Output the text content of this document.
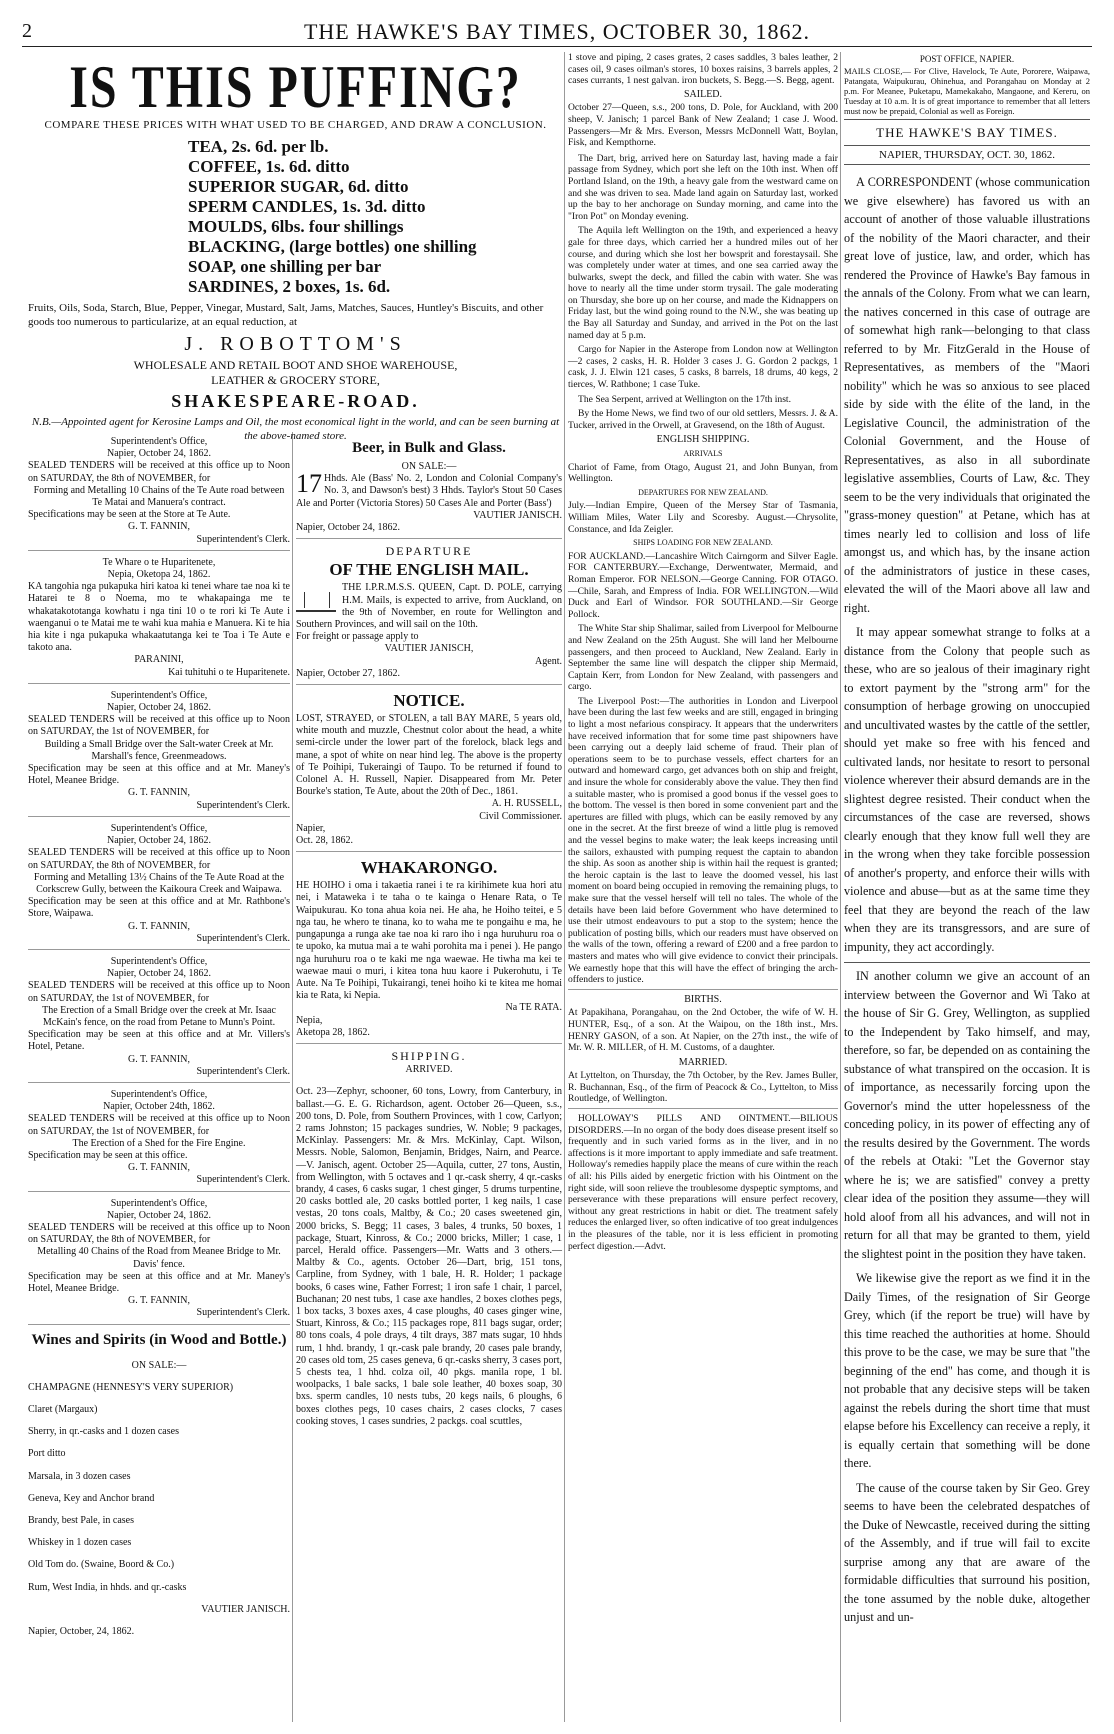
2	THE HAWKE'S BAY TIMES, OCTOBER 30, 1862.
IS THIS PUFFING?

COMPARE THESE PRICES WITH WHAT USED TO BE CHARGED, AND DRAW A CONCLUSION.

TEA, 2s. 6d. per lb.
COFFEE, 1s. 6d. ditto
SUPERIOR SUGAR, 6d. ditto
SPERM CANDLES, 1s. 3d. ditto
MOULDS, 6lbs. four shillings
BLACKING, (large bottles) one shilling
SOAP, one shilling per bar
SARDINES, 2 boxes, 1s. 6d.

Fruits, Oils, Soda, Starch, Blue, Pepper, Vinegar, Mustard, Salt, Jams, Matches, Sauces, Huntley's Biscuits, and other goods too numerous to particularize, at an equal reduction, at

J. ROBOTTOM'S
WHOLESALE AND RETAIL BOOT AND SHOE WAREHOUSE,
LEATHER & GROCERY STORE,
SHAKESPEARE-ROAD.
N.B.—Appointed agent for Kerosine Lamps and Oil, the most economical light in the world, and can be seen burning at the above-named store.

Superintendent's Office,

Napier, October 24, 1862.

SEALED TENDERS will be received at this office up to Noon on SATURDAY, the 8th of NOVEMBER, for

Forming and Metalling 10 Chains of the Te Aute road between Te Matai and Manuera's contract.

Specifications may be seen at the Store at Te Aute.

G. T. FANNIN,

Superintendent's Clerk.

Te Whare o te Huparitenete,

Nepia, Oketopa 24, 1862.

KA tangohia nga pukapuka hiri katoa ki tenei whare tae noa ki te Hatarei te 8 o Noema, mo te whakapainga me te whakatakototanga kowhatu i nga tini 10 o te rori ki Te Aute i waenganui o te Matai me te wahi kua mahia e Manuera. Ki te hia hia kite i nga pukapuka whakaatutanga kei te Toa i Te Aute e takoto ana.

PARANINI,

Kai tuhituhi o te Huparitenete.

Superintendent's Office,

Napier, October 24, 1862.

SEALED TENDERS will be received at this office up to Noon on SATURDAY, the 1st of NOVEMBER, for

Building a Small Bridge over the Salt-water Creek at Mr. Marshall's fence, Greenmeadows.

Specification may be seen at this office and at Mr. Maney's Hotel, Meanee Bridge.

G. T. FANNIN,

Superintendent's Clerk.

Superintendent's Office,

Napier, October 24, 1862.

SEALED TENDERS will be received at this office up to Noon on SATURDAY, the 8th of NOVEMBER, for

Forming and Metalling 13½ Chains of the Te Aute Road at the Corkscrew Gully, between the Kaikoura Creek and Waipawa.

Specification may be seen at this office and at Mr. Rathbone's Store, Waipawa.

G. T. FANNIN,

Superintendent's Clerk.

Superintendent's Office,

Napier, October 24, 1862.

SEALED TENDERS will be received at this office up to Noon on SATURDAY, the 1st of NOVEMBER, for

The Erection of a Small Bridge over the creek at Mr. Isaac McKain's fence, on the road from Petane to Munn's Point.

Specification may be seen at this office and at Mr. Villers's Hotel, Petane.

G. T. FANNIN,

Superintendent's Clerk.

Superintendent's Office,

Napier, October 24th, 1862.

SEALED TENDERS will be received at this office up to Noon on SATURDAY, the 1st of NOVEMBER, for

The Erection of a Shed for the Fire Engine.

Specification may be seen at this office.

G. T. FANNIN,

Superintendent's Clerk.

Superintendent's Office,

Napier, October 24, 1862.

SEALED TENDERS will be received at this office up to Noon on SATURDAY, the 8th of NOVEMBER, for

Metalling 40 Chains of the Road from Meanee Bridge to Mr. Davis' fence.

Specification may be seen at this office and at Mr. Maney's Hotel, Meanee Bridge.

G. T. FANNIN,

Superintendent's Clerk.

Wines and Spirits (in Wood and Bottle.)

ON SALE:—

CHAMPAGNE (HENNESY'S VERY SUPERIOR)

Claret (Margaux)

Sherry, in qr.-casks and 1 dozen cases

Port ditto

Marsala, in 3 dozen cases

Geneva, Key and Anchor brand

Brandy, best Pale, in cases

Whiskey in 1 dozen cases

Old Tom do. (Swaine, Boord & Co.)

Rum, West India, in hhds. and qr.-casks

VAUTIER JANISCH.

Napier, October, 24, 1862.

Beer, in Bulk and Glass.

ON SALE:—

17 Hhds. Ale (Bass' No. 2, London and Colonial Company's No. 3, and Dawson's best) 3 Hhds. Taylor's Stout 50 Cases Ale and Porter (Victoria Stores) 50 Cases Ale and Porter (Bass')

VAUTIER JANISCH.

Napier, October 24, 1862.

DEPARTURE
OF THE ENGLISH MAIL.

THE I.P.R.M.S.S. QUEEN, Capt. D. POLE, carrying H.M. Mails, is expected to arrive, from Auckland, on the 9th of November, en route for Wellington and Southern Provinces, and will sail on the 10th.

For freight or passage apply to

VAUTIER JANISCH,

Agent.

Napier, October 27, 1862.

NOTICE.

LOST, STRAYED, or STOLEN, a tall BAY MARE, 5 years old, white mouth and muzzle, Chestnut color about the head, a white semi-circle under the lower part of the forelock, black legs and mane, a spot of white on near hind leg. The above is the property of Te Poihipi, Tukeraingi of Taupo. To be returned if found to Colonel A. H. Russell, Napier. Disappeared from Mr. Peter Bourke's station, Te Aute, about the 20th of Dec., 1861.

A. H. RUSSELL,

Civil Commissioner.

Napier,

Oct. 28, 1862.

WHAKARONGO.

HE HOIHO i oma i takaetia ranei i te ra kirihimete kua hori atu nei, i Mataweka i te taha o te kainga o Henare Rata, o Te Waipukurau. Ko tona ahua koia nei. He aha, he Hoiho teitei, e 5 nga tau, he whero te tinana, ko to waha me te pongaihu e ma, he pungapunga a runga ake tae noa ki raro iho i nga huruhuru roa o te upoko, ka mutua mai a te wahi porohita ma i penei ). He pango nga huruhuru roa o te kaki me nga waewae. He tiwha ma kei te waewae maui o muri, i kitea tona huu kaore i Pukerohutu, i Te Aute. Na Te Poihipi, Tukairangi, tenei hoiho ki te kitea me homai kia te Rata, ki Nepia.

Na TE RATA.

Nepia,

Aketopa 28, 1862.

SHIPPING.
ARRIVED.

Oct. 23—Zephyr, schooner, 60 tons, Lowry, from Canterbury, in ballast.—G. E. G. Richardson, agent. October 26—Queen, s.s., 200 tons, D. Pole, from Southern Provinces, with 1 cow, Carlyon; 2 rams Johnston; 15 packages sundries, W. Noble; 9 packages, McKinlay. Passengers: Mr. & Mrs. McKinlay, Capt. Wilson, Messrs. Noble, Salomon, Benjamin, Bridges, Nairn, and Pearce.—V. Janisch, agent. October 25—Aquila, cutter, 27 tons, Austin, from Wellington, with 5 octaves and 1 qr.-cask sherry, 4 qr.-casks brandy, 4 cases, 6 casks sugar, 1 chest ginger, 5 drums turpentine, 20 casks bottled ale, 20 casks bottled porter, 1 keg nails, 1 case vestas, 20 tons coals, Maltby, & Co.; 20 cases sweetened gin, 2000 bricks, S. Begg; 11 cases, 3 bales, 4 trunks, 50 boxes, 1 package, Stuart, Kinross, & Co.; 2000 bricks, Miller; 1 case, 1 parcel, Herald office. Passengers—Mr. Watts and 3 others.—Maltby & Co., agents. October 26—Dart, brig, 151 tons, Carpline, from Sydney, with 1 bale, H. R. Holder; 1 package books, 6 cases wine, Father Forrest; 1 iron safe 1 chair, 1 parcel, Buchanan; 20 nest tubs, 1 case axe handles, 2 boxes clothes pegs, 1 box tacks, 3 boxes axes, 4 case ploughs, 40 cases ginger wine, Stuart, Kinross, & Co.; 115 packages rope, 811 bags sugar, order; 80 tons coals, 4 pole drays, 4 tilt drays, 387 mats sugar, 10 hhds rum, 1 hhd. brandy, 1 qr.-cask pale brandy, 20 cases pale brandy, 20 cases old tom, 25 cases geneva, 6 qr.-casks sherry, 3 cases port, 5 chests tea, 1 hhd. colza oil, 40 pkgs. manila rope, 1 bl. woolpacks, 1 bale sacks, 1 bale sole leather, 40 boxes soap, 30 bxs. sperm candles, 10 nests tubs, 20 kegs nails, 6 ploughs, 6 boxes clothes pegs, 10 cases chairs, 2 cases clocks, 7 cases cooking stoves, 1 cases sundries, 2 packgs. coal scuttles,

1 stove and piping, 2 cases grates, 2 cases saddles, 3 bales leather, 2 cases oil, 9 cases oilman's stores, 10 boxes raisins, 3 barrels apples, 2 cases currants, 1 nest galvan. iron buckets, S. Begg.—S. Begg, agent.

SAILED.

October 27—Queen, s.s., 200 tons, D. Pole, for Auckland, with 200 sheep, V. Janisch; 1 parcel Bank of New Zealand; 1 case J. Wood. Passengers—Mr & Mrs. Everson, Messrs McDonnell Watt, Boylan, Fisk, and Kempthorne.

The Dart, brig, arrived here on Saturday last, having made a fair passage from Sydney, which port she left on the 10th inst. When off Portland Island, on the 19th, a heavy gale from the westward came on and she was driven to sea. Made land again on Saturday last, worked up the bay to her anchorage on Sunday morning, and came into the "Iron Pot" on Monday evening.

The Aquila left Wellington on the 19th, and experienced a heavy gale for three days, which carried her a hundred miles out of her course, and during which she lost her bowsprit and forestaysail. She was completely under water at times, and one sea carried away the bulwarks, swept the deck, and filled the cabin with water. She was hove to nearly all the time under storm trysail. The gale moderating on Thursday, she bore up on her course, and made the Kidnappers on Friday last, but the wind going round to the N.W., she was beating up the Bay all Saturday and Sunday, and arrived in the Pot on the last named day at 5 p.m.

Cargo for Napier in the Asterope from London now at Wellington—2 cases, 2 casks, H. R. Holder 3 cases J. G. Gordon 2 packgs, 1 cask, J. J. Elwin 121 cases, 5 casks, 8 barrels, 18 drums, 40 kegs, 2 tierces, W. Rathbone; 1 case Tuke.

The Sea Serpent, arrived at Wellington on the 17th inst.

By the Home News, we find two of our old settlers, Messrs. J. & A. Tucker, arrived in the Orwell, at Gravesend, on the 18th of August.

ENGLISH SHIPPING.
ARRIVALS

Chariot of Fame, from Otago, August 21, and John Bunyan, from Wellington.

DEPARTURES FOR NEW ZEALAND.

July.—Indian Empire, Queen of the Mersey Star of Tasmania, William Miles, Water Lily and Scoresby. August.—Chrysolite, Constance, and Ida Zeigler.

SHIPS LOADING FOR NEW ZEALAND.

FOR AUCKLAND.—Lancashire Witch Cairngorm and Silver Eagle. FOR CANTERBURY.—Exchange, Derwentwater, Mermaid, and Roman Emperor. FOR NELSON.—George Canning. FOR OTAGO.—Chile, Sarah, and Empress of India. FOR WELLINGTON.—Wild Duck and Earl of Windsor. FOR SOUTHLAND.—Sir George Pollock.

The White Star ship Shalimar, sailed from Liverpool for Melbourne and New Zealand on the 25th August. She will land her Melbourne passengers, and then proceed to Auckland, New Zealand. Early in September the same line will despatch the clipper ship Mermaid, Captain Kerr, from London for New Zealand, with passengers and cargo.

The Liverpool Post:—The authorities in London and Liverpool have been during the last few weeks and are still, engaged in bringing to light a most nefarious conspiracy. It appears that the underwriters have received information that for some time past shipowners have been carrying out a deeply laid scheme of fraud. Their plan of operations seem to be to purchase vessels, effect charters for an outward and homeward cargo, get advances both on ship and freight, and insure the whole for considerably above the value. They then find a suitable master, who is promised a good bonus if the vessel goes to the bottom. The vessel is then bored in some convenient part and the apertures are filled with plugs, which can be easily removed by any one in the secret. At the first breeze of wind a little plug is removed and the vessel begins to make water; the leak keeps increasing until the sailors, exhausted with pumping request the captain to abandon the ship. As soon as another ship is within hail the request is granted; the heroic captain is the last to leave the doomed vessel, his last moment on board being occupied in removing the remaining plugs, to make sure that the vessel herself will tell no tales. The whole of the details have been laid before Government who have determined to use their utmost endeavours to put a stop to the system; hence the publication of posting bills, which our readers must have observed on the walls of the town, offering a reward of £200 and a free pardon to masters and mates who will give evidence to convict their principals. We earnestly hope that this will have the effect of bringing the arch-offenders to justice.

BIRTHS.

At Papakihana, Porangahau, on the 2nd October, the wife of W. H. HUNTER, Esq., of a son. At the Waipou, on the 18th inst., Mrs. HENRY GASON, of a son. At Napier, on the 27th inst., the wife of Mr. W. R. MILLER, of H. M. Customs, of a daughter.

MARRIED.

At Lyttelton, on Thursday, the 7th October, by the Rev. James Buller, R. Buchannan, Esq., of the firm of Peacock & Co., Lyttelton, to Miss Routledge, of Wellington.

HOLLOWAY'S PILLS AND OINTMENT.—BILIOUS DISORDERS.—In no organ of the body does disease present itself so frequently and in such varied forms as in the liver, and in no affections is it more important to apply immediate and safe treatment. Holloway's remedies happily place the means of cure within the reach of all: his Pills aided by energetic friction with his Ointment on the right side, will soon relieve the troublesome dyspeptic symptoms, and perseverance with these preparations will ensure perfect recovery, without any great restrictions in habit or diet. The treatment safely reduces the enlarged liver, so often indicative of too great indulgences in the pleasures of the table, nor it is less efficient in promoting perfect digestion.—Advt.

POST OFFICE, NAPIER.

MAILS CLOSE,— For Clive, Havelock, Te Aute, Pororere, Waipawa, Patangata, Waipukurau, Ohinehua, and Porangahau on Monday at 2 p.m. For Meanee, Puketapu, Mamekakaho, Mangaone, and Kereru, on Tuesday at 10 a.m. It is of great importance to remember that all letters must now be prepaid, Colonial as well as Foreign.

THE HAWKE'S BAY TIMES.

NAPIER, THURSDAY, OCT. 30, 1862.

A CORRESPONDENT (whose communication we give elsewhere) has favored us with an account of another of those valuable illustrations of the nobility of the Maori character, and their great love of justice, law, and order, which has rendered the Province of Hawke's Bay famous in the annals of the Colony. From what we can learn, the natives concerned in this case of outrage are of somewhat high rank—belonging to that class referred to by Mr. FitzGerald in the House of Representatives, as members of the "Maori nobility" which he was so anxious to see placed side by side with the élite of the land, in the Legislative Council, the administration of the Colonial Government, and the House of Representatives, as also in all subordinate legislative assemblies, Courts of Law, &c. They seem to be the very individuals that originated the "grass-money question" at Petane, which has at times nearly led to collision and loss of life amongst us, and which has, by the insane action of the administrators of justice in these cases, elevated the will of the Maori above all law and right.

It may appear somewhat strange to folks at a distance from the Colony that people such as these, who are so jealous of their imaginary right to extort payment by the "strong arm" for the consumption of herbage growing on unoccupied and uncultivated wastes by the cattle of the settler, should yet make so free with his fenced and cultivated lands, nor hesitate to resort to personal violence wherever their absurd demands are in the slightest degree resisted. Their conduct when the circumstances of the case are reversed, shows clearly enough that they know full well they are in the wrong when they take forcible possession of another's property, and enforce their wills with violence and abuse—but as at the same time they feel that they are beyond the reach of the law when they are its transgressors, and are sure of impunity, they act accordingly.

IN another column we give an account of an interview between the Governor and Wi Tako at the house of Sir G. Grey, Wellington, as supplied to the Independent by Tako himself, and may, therefore, so far, be depended on as containing the substance of what transpired on the occasion. It is of importance, as necessarily forcing upon the Governor's mind the utter hopelessness of the conceding policy, in its power of effecting any of the results desired by the Government. The words of the rebels at Otaki: "Let the Governor stay where he is; we are satisfied" convey a pretty clear idea of the position they assume—they will hold aloof from all his advances, and will not in return for all that may be granted to them, yield the slightest point in the position they have taken.

We likewise give the report as we find it in the Daily Times, of the resignation of Sir George Grey, which (if the report be true) will have by this time reached the authorities at home. Should this prove to be the case, we may be sure that "the beginning of the end" has come, and though it is not probable that any decisive steps will be taken against the rebels during the short time that must elapse before his Excellency can receive a reply, it is equally certain that something will be done there.

The cause of the course taken by Sir Geo. Grey seems to have been the celebrated despatches of the Duke of Newcastle, received during the sitting of the Assembly, and if true will fail to excite surprise among any that are aware of the formidable difficulties that surround his position, the tone assumed by the noble duke, altogether unjust and un-
